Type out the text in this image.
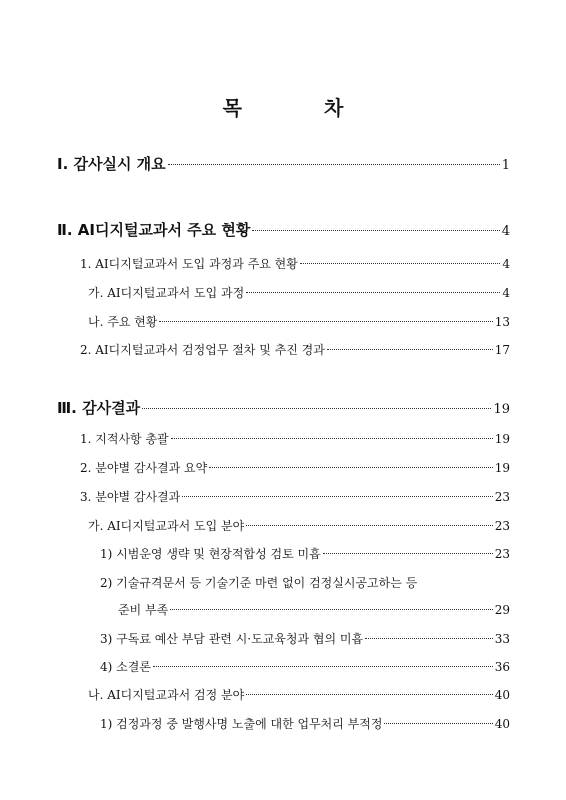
목차
Ⅰ. 감사실시 개요	1
Ⅱ. AI디지털교과서 주요 현황	4
1. AI디지털교과서 도입 과정과 주요 현황	4
가. AI디지털교과서 도입 과정	4
나. 주요 현황	13
2. AI디지털교과서 검정업무 절차 및 추진 경과	17
Ⅲ. 감사결과	19
1. 지적사항 총괄	19
2. 분야별 감사결과 요약	19
3. 분야별 감사결과	23
가. AI디지털교과서 도입 분야	23
1) 시범운영 생략 및 현장적합성 검토 미흡	23
2) 기술규격문서 등 기술기준 마련 없이 검정실시공고하는 등
준비 부족	29
3) 구독료 예산 부담 관련 시·도교육청과 협의 미흡	33
4) 소결론	36
나. AI디지털교과서 검정 분야	40
1) 검정과정 중 발행사명 노출에 대한 업무처리 부적정	40
